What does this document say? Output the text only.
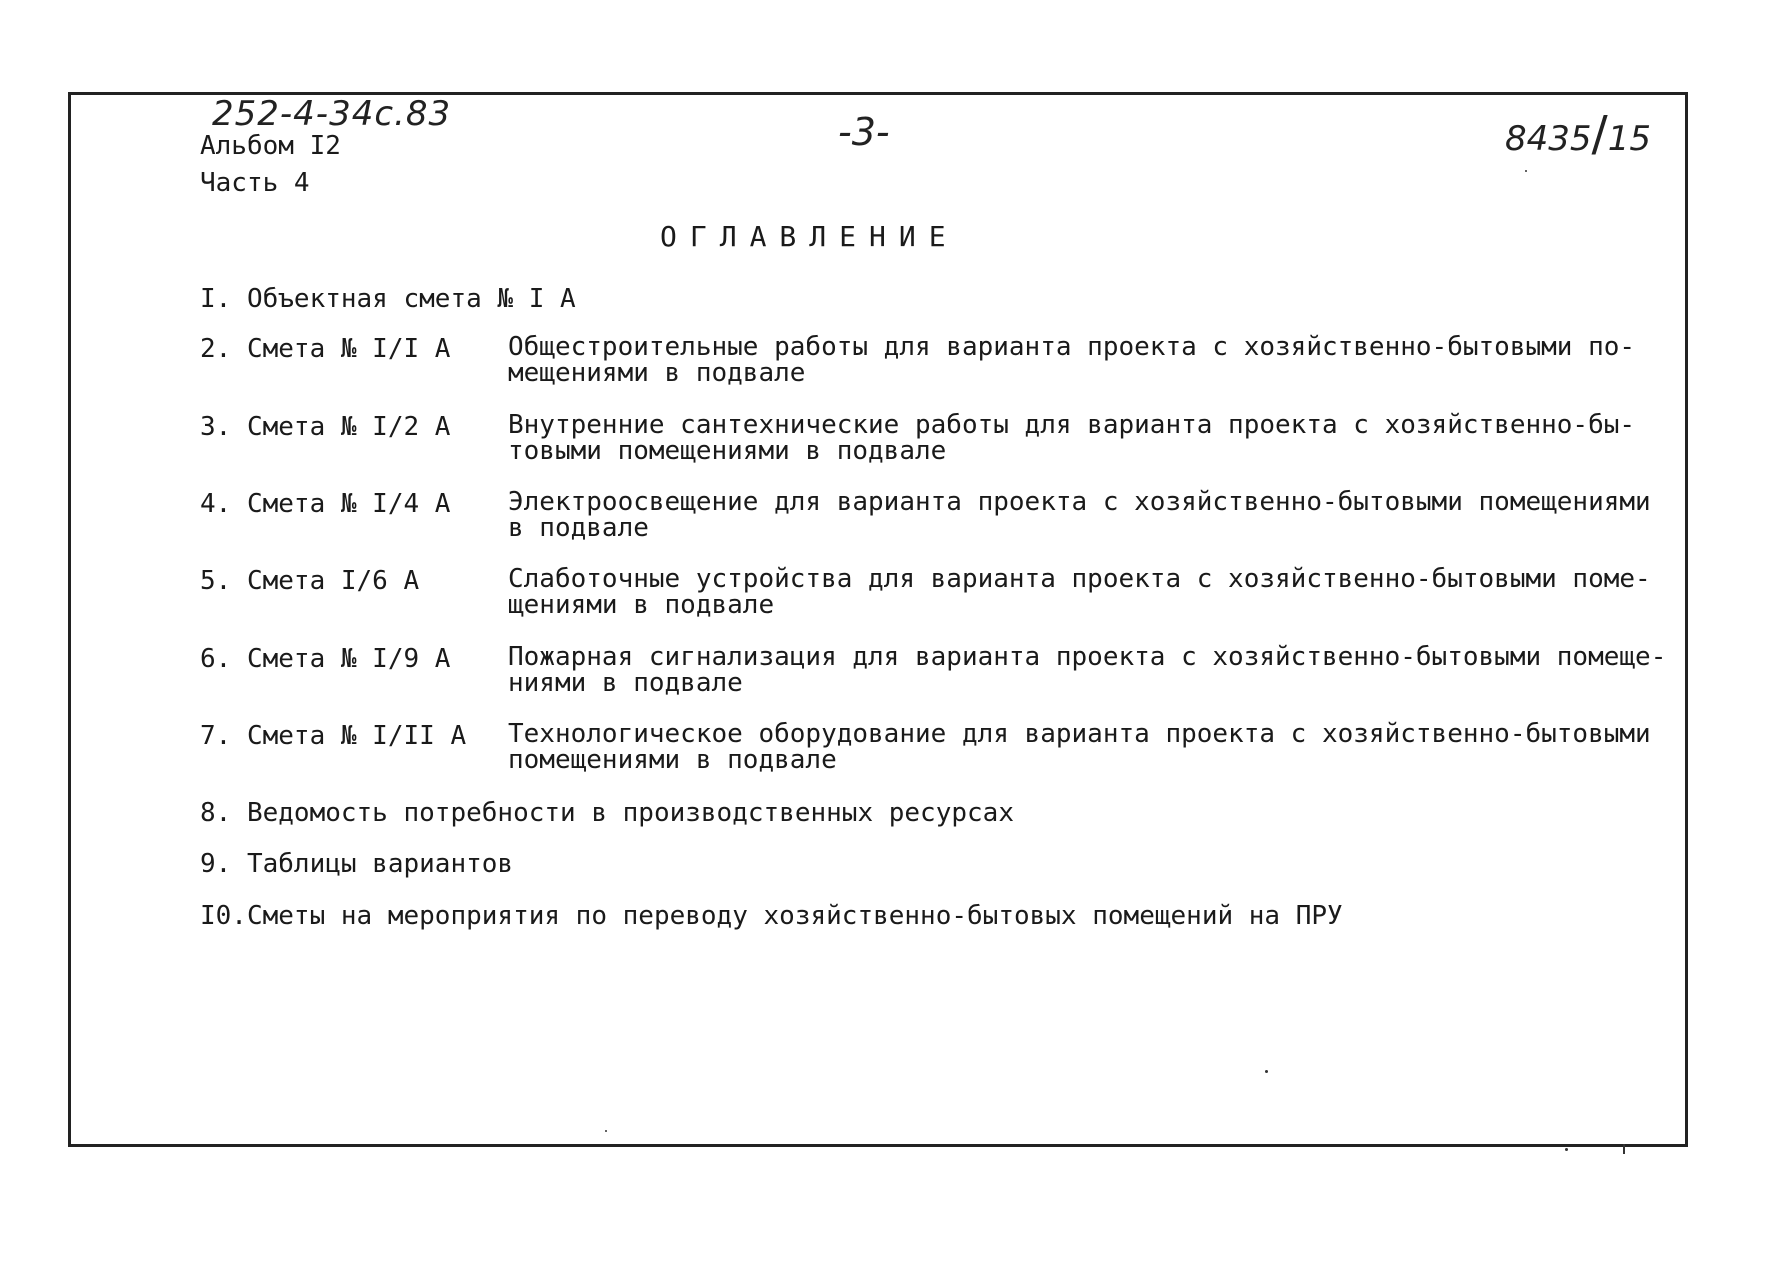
252-4-34c.83
Альбом I2
Часть 4
-3-	8435/15
ОГЛАВЛЕНИЕ
I. Объектная смета № I А
2. Смета № I/I А Общестроительные работы для варианта проекта с хозяйственно-бытовыми по-
мещениями в подвале
3. Смета № I/2 А Внутренние сантехнические работы для варианта проекта с хозяйственно-бы-
товыми помещениями в подвале
4. Смета № I/4 А Электроосвещение для варианта проекта с хозяйственно-бытовыми помещениями
в подвале
5. Смета I/6 А	Слаботочные устройства для варианта проекта с хозяйственно-бытовыми поме-
щениями в подвале
6. Смета № I/9 А Пожарная сигнализация для варианта проекта с хозяйственно-бытовыми помеще-
ниями в подвале
7. Смета № I/II А Технологическое оборудование для варианта проекта с хозяйственно-бытовыми
помещениями в подвале
8. Ведомость потребности в производственных ресурсах
9. Таблицы вариантов
I0.Сметы на мероприятия по переводу хозяйственно-бытовых помещений на ПРУ
